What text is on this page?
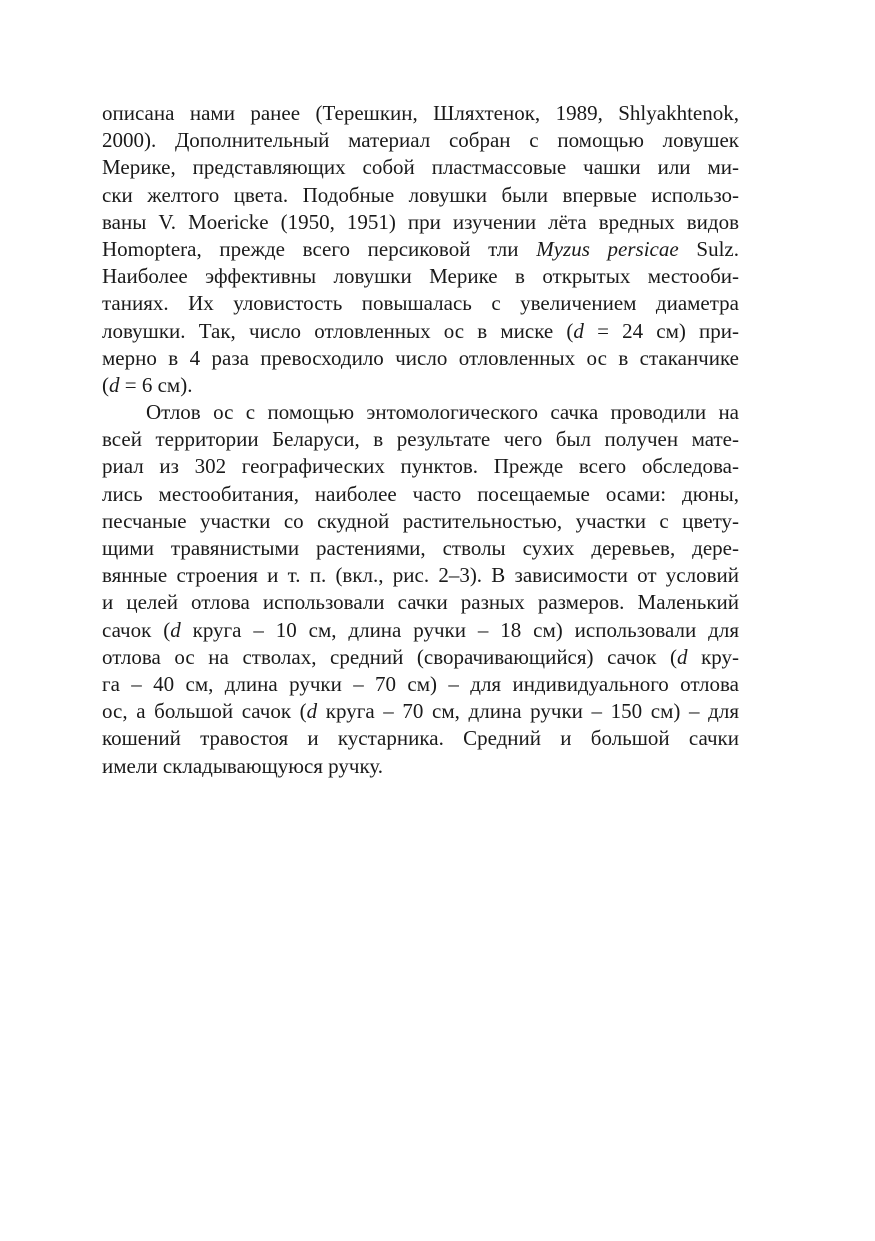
описана нами ранее (Терешкин, Шляхтенок, 1989, Shlyakhtenok,
2000). Дополнительный материал собран с помощью ловушек
Мерике, представляющих собой пластмассовые чашки или ми-
ски желтого цвета. Подобные ловушки были впервые использо-
ваны V. Moericke (1950, 1951) при изучении лёта вредных видов
Homoptera, прежде всего персиковой тли Myzus persicae Sulz.
Наиболее эффективны ловушки Мерике в открытых местооби-
таниях. Их уловистость повышалась с увеличением диаметра
ловушки. Так, число отловленных ос в миске (d = 24 см) при-
мерно в 4 раза превосходило число отловленных ос в стаканчике
(d = 6 см).
Отлов ос с помощью энтомологического сачка проводили на
всей территории Беларуси, в результате чего был получен мате-
риал из 302 географических пунктов. Прежде всего обследова-
лись местообитания, наиболее часто посещаемые осами: дюны,
песчаные участки со скудной растительностью, участки с цвету-
щими травянистыми растениями, стволы сухих деревьев, дере-
вянные строения и т. п. (вкл., рис. 2–3). В зависимости от условий
и целей отлова использовали сачки разных размеров. Маленький
сачок (d круга – 10 см, длина ручки – 18 см) использовали для
отлова ос на стволах, средний (сворачивающийся) сачок (d кру-
га – 40 см, длина ручки – 70 см) – для индивидуального отлова
ос, а большой сачок (d круга – 70 см, длина ручки – 150 см) – для
кошений травостоя и кустарника. Средний и большой сачки
имели складывающуюся ручку.
